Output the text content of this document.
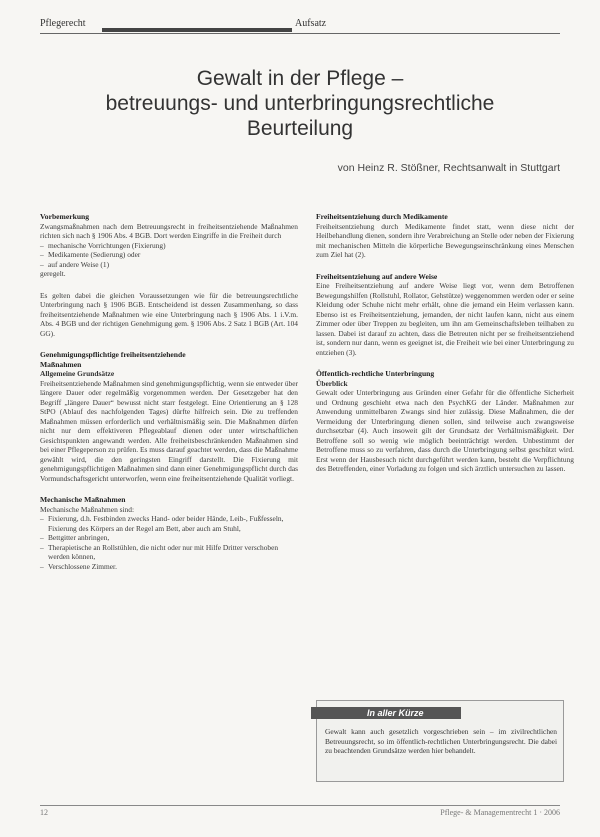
Pflegerecht	Aufsatz
Gewalt in der Pflege –
betreuungs- und unterbringungsrechtliche
Beurteilung
von Heinz R. Stößner, Rechtsanwalt in Stuttgart
Vorbemerkung

Zwangsmaßnahmen nach dem Betreuungsrecht in freiheitsentziehende Maßnahmen richten sich nach § 1906 Abs. 4 BGB. Dort werden Eingriffe in die Freiheit durch

– mechanische Vorrichtungen (Fixierung)
– Medikamente (Sedierung) oder
– auf andere Weise (1)

geregelt.

Es gelten dabei die gleichen Voraussetzungen wie für die betreuungsrechtliche Unterbringung nach § 1906 BGB. Entscheidend ist dessen Zusammenhang, so dass freiheitsentziehende Maßnahmen wie eine Unterbringung nach § 1906 Abs. 1 i.V.m. Abs. 4 BGB und der richtigen Genehmigung gem. § 1906 Abs. 2 Satz 1 BGB (Art. 104 GG).

Genehmigungspflichtige freiheitsentziehende
Maßnahmen
Allgemeine Grundsätze

Freiheitsentziehende Maßnahmen sind genehmigungspflichtig, wenn sie entweder über längere Dauer oder regelmäßig vorgenommen werden. Der Gesetzgeber hat den Begriff „längere Dauer“ bewusst nicht starr festgelegt. Eine Orientierung an § 128 StPO (Ablauf des nachfolgenden Tages) dürfte hilfreich sein. Die zu treffenden Maßnahmen müssen erforderlich und verhältnismäßig sein. Die Maßnahmen dürfen nicht nur dem effektiveren Pflegeablauf dienen oder unter wirtschaftlichen Gesichtspunkten angewandt werden. Alle freiheitsbeschränkenden Maßnahmen sind bei einer Pflegeperson zu prüfen. Es muss darauf geachtet werden, dass die Maßnahme gewählt wird, die den geringsten Eingriff darstellt. Die Fixierung mit genehmigungspflichtigen Maßnahmen sind dann einer Genehmigungspflicht durch das Vormundschaftsgericht unterworfen, wenn eine freiheitsentziehende Qualität vorliegt.

Mechanische Maßnahmen

Mechanische Maßnahmen sind:

– Fixierung, d.h. Festbinden zwecks Hand- oder beider Hände, Leib-, Fußfesseln, Fixierung des Körpers an der Regel am Bett, aber auch am Stuhl,
– Bettgitter anbringen,
– Therapietische an Rollstühlen, die nicht oder nur mit Hilfe Dritter verschoben werden können,
– Verschlossene Zimmer.
Freiheitsentziehung durch Medikamente

Freiheitsentziehung durch Medikamente findet statt, wenn diese nicht der Heilbehandlung dienen, sondern ihre Verabreichung an Stelle oder neben der Fixierung mit mechanischen Mitteln die körperliche Bewegungseinschränkung eines Menschen zum Ziel hat (2).

Freiheitsentziehung auf andere Weise

Eine Freiheitsentziehung auf andere Weise liegt vor, wenn dem Betroffenen Bewegungshilfen (Rollstuhl, Rollator, Gehstütze) weggenommen werden oder er seine Kleidung oder Schuhe nicht mehr erhält, ohne die jemand ein Heim verlassen kann. Ebenso ist es Freiheitsentziehung, jemanden, der nicht laufen kann, nicht aus einem Zimmer oder über Treppen zu begleiten, um ihn am Gemeinschaftsleben teilhaben zu lassen. Dabei ist darauf zu achten, dass die Betreuten nicht per se freiheitsentziehend ist, sondern nur dann, wenn es geeignet ist, die Freiheit wie bei einer Unterbringung zu entziehen (3).

Öffentlich-rechtliche Unterbringung
Überblick

Gewalt oder Unterbringung aus Gründen einer Gefahr für die öffentliche Sicherheit und Ordnung geschieht etwa nach den PsychKG der Länder. Maßnahmen zur Anwendung unmittelbaren Zwangs sind hier zulässig. Diese Maßnahmen, die der Vermeidung der Unterbringung dienen sollen, sind teilweise auch zwangsweise durchsetzbar (4). Auch insoweit gilt der Grundsatz der Verhältnismäßigkeit. Der Betroffene soll so wenig wie möglich beeinträchtigt werden. Unbestimmt der Betroffene muss so zu verfahren, dass durch die Unterbringung selbst geschützt wird. Erst wenn der Hausbesuch nicht durchgeführt werden kann, besteht die Verpflichtung des Betreffenden, einer Vorladung zu folgen und sich ärztlich untersuchen zu lassen.

In aller Kürze
Gewalt kann auch gesetzlich vorgeschrieben sein – im zivilrechtlichen Betreuungsrecht, so im öffentlich-rechtlichen Unterbringungsrecht. Die dabei zu beachtenden Grundsätze werden hier behandelt.
12	Pflege- & Managementrecht 1 · 2006
